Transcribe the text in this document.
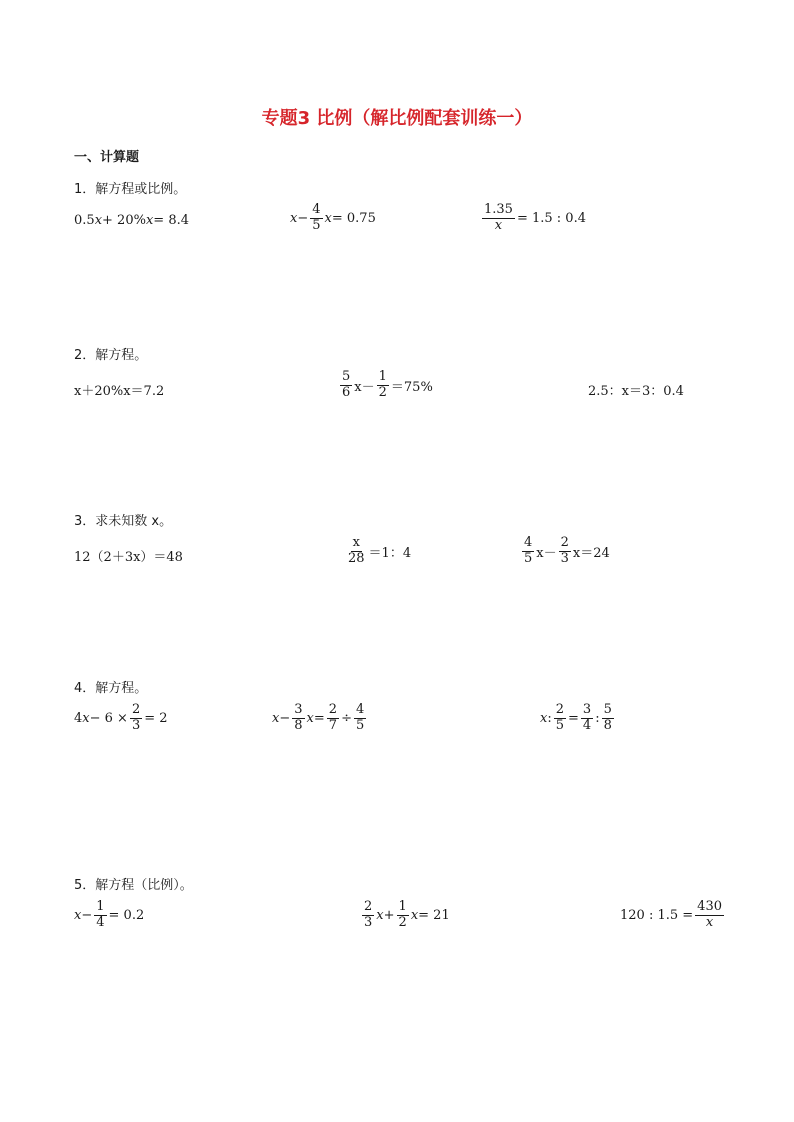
专题3 比例（解比例配套训练一）
一、计算题
1．解方程或比例。
0.5 x + 20% x = 8.4	$x - \frac{4}{5}$ x = 0.75	$\frac{1.35}{x} = 1.5$ : 0.4
2．解方程。
x＋20%x＝7.2	$\frac{5}{6} x- \frac{1}{2} =75\%$	2.5：x＝3：0.4
3．求未知数 x。
12（2＋3x）＝48	$\frac{x}{28} =1$：4	$\frac{4}{5} x- \frac{2}{3} x=24$
4．解方程。
4 $x - 6 \times \frac{2}{3} = 2$	$x - \frac{3}{8}$ $x = \frac{2}{7} \div \frac{4}{5}$	x : $\frac{2}{5} = \frac{3}{4}$ : $\frac{5}{8}$
5．解方程（比例）。
$x - \frac{1}{4} = 0.2$	$\frac{2}{3}$ $x + \frac{1}{2}$ x = 21	120 : $1.5 = \frac{430}{x}$
